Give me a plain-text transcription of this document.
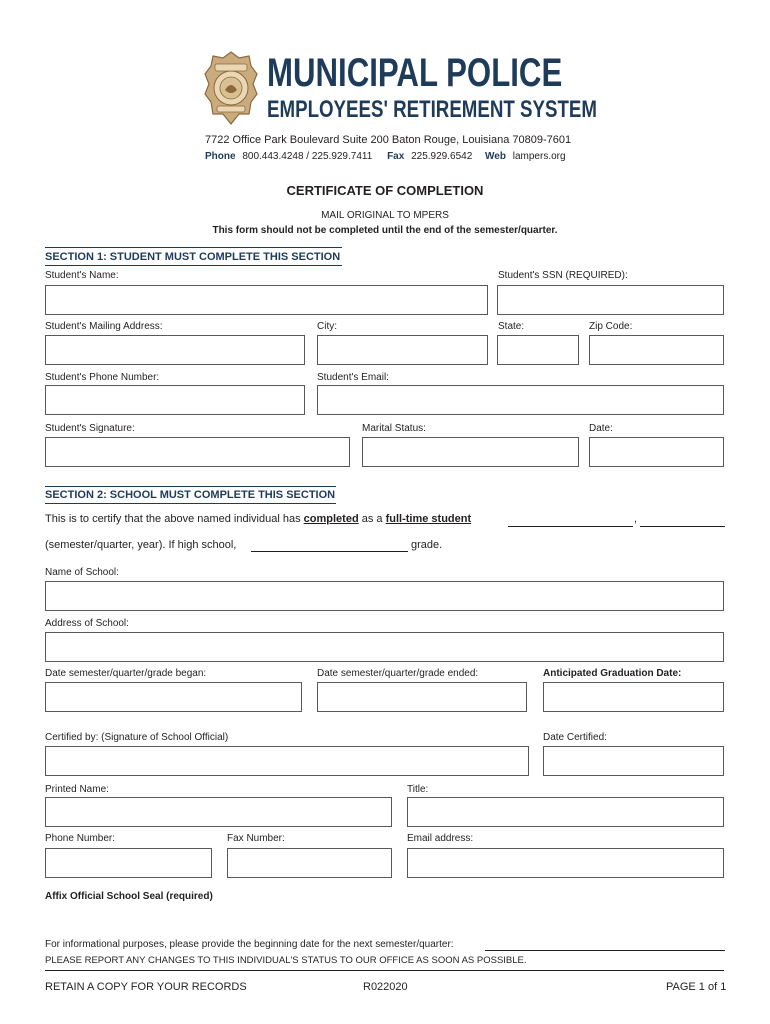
MUNICIPAL POLICE
EMPLOYEES' RETIREMENT SYSTEM
7722 Office Park Boulevard Suite 200 Baton Rouge, Louisiana 70809-7601
Phone 800.443.4248 / 225.929.7411 Fax 225.929.6542 Web lampers.org
CERTIFICATE OF COMPLETION
MAIL ORIGINAL TO MPERS
This form should not be completed until the end of the semester/quarter.
SECTION 1: STUDENT MUST COMPLETE THIS SECTION
Student's Name:	Student's SSN (REQUIRED):
Student's Mailing Address:	City:	State:	Zip Code:
Student's Phone Number:	Student's Email:
Student's Signature:	Marital Status:	Date:
SECTION 2: SCHOOL MUST COMPLETE THIS SECTION
This is to certify that the above named individual has completed as a full-time student	,
(semester/quarter, year). If high school,	grade.
Name of School:
Address of School:
Date semester/quarter/grade began:	Date semester/quarter/grade ended:	Anticipated Graduation Date:
Certified by: (Signature of School Official)	Date Certified:
Printed Name:	Title:
Phone Number:	Fax Number:	Email address:
Affix Official School Seal (required)
For informational purposes, please provide the beginning date for the next semester/quarter:
PLEASE REPORT ANY CHANGES TO THIS INDIVIDUAL'S STATUS TO OUR OFFICE AS SOON AS POSSIBLE.
RETAIN A COPY FOR YOUR RECORDS	R022020	PAGE 1 of 1
